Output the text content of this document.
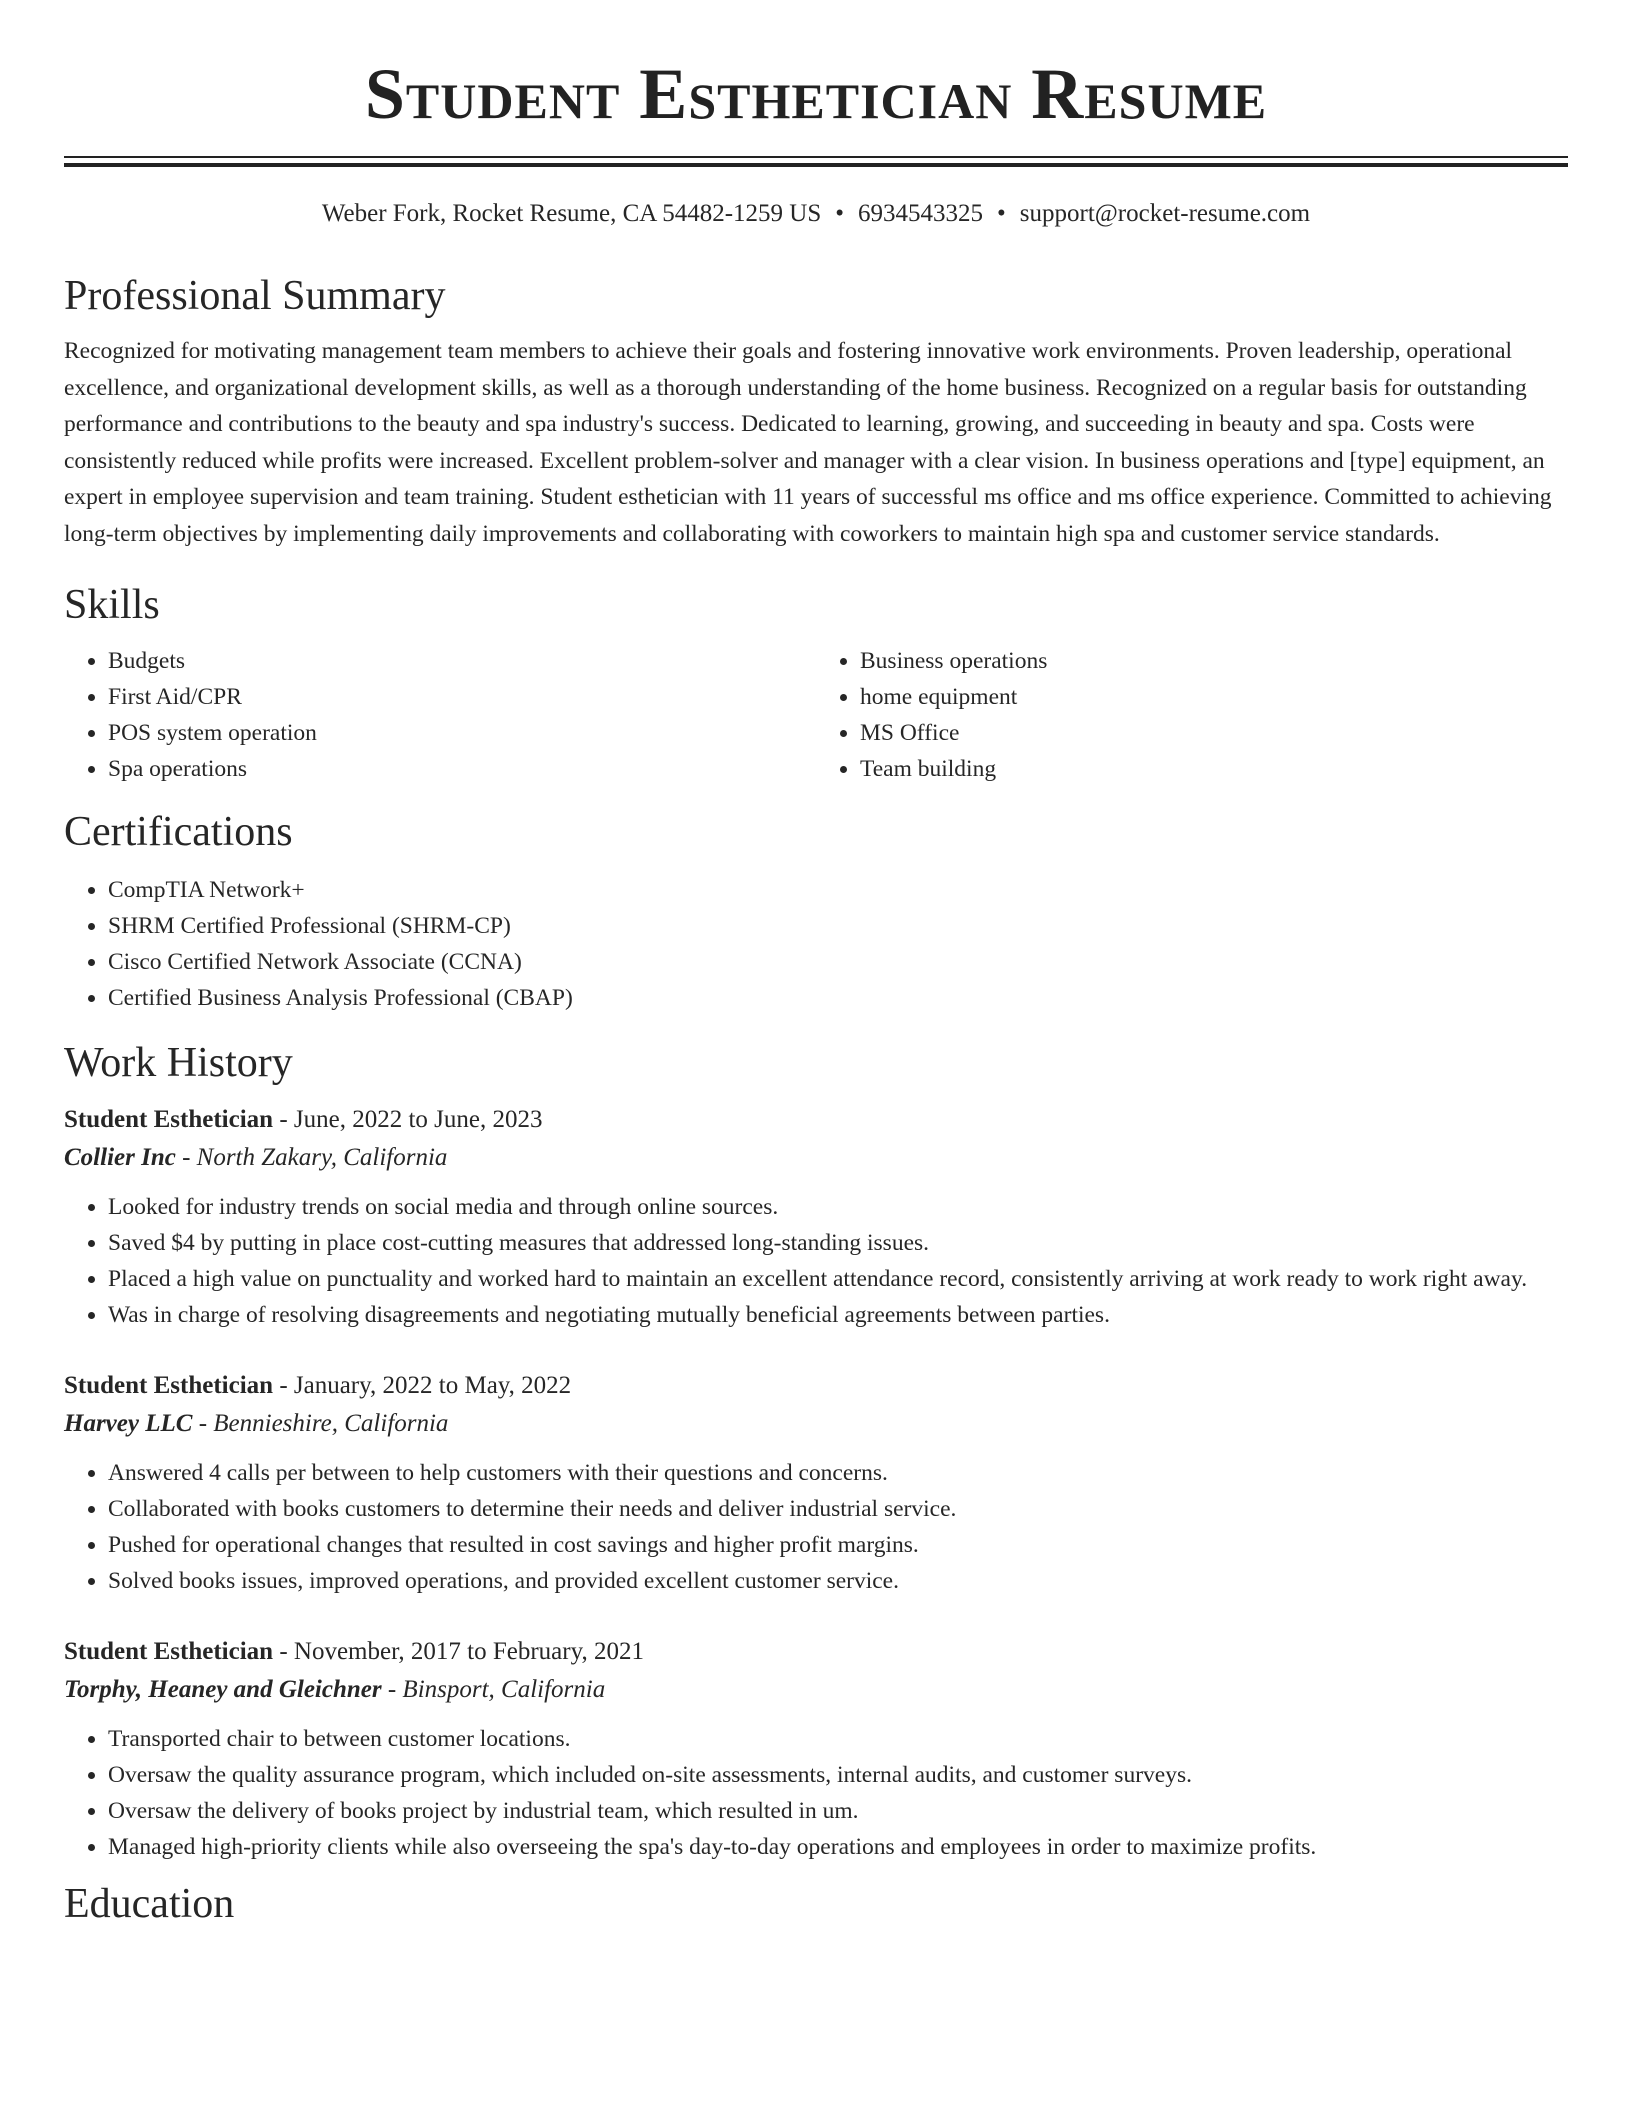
Student Esthetician Resume
Weber Fork, Rocket Resume, CA 54482-1259 US • 6934543325 • support@rocket-resume.com
Professional Summary

Recognized for motivating management team members to achieve their goals and fostering innovative work environments. Proven leadership, operational excellence, and organizational development skills, as well as a thorough understanding of the home business. Recognized on a regular basis for outstanding performance and contributions to the beauty and spa industry's success. Dedicated to learning, growing, and succeeding in beauty and spa. Costs were consistently reduced while profits were increased. Excellent problem-solver and manager with a clear vision. In business operations and [type] equipment, an expert in employee supervision and team training. Student esthetician with 11 years of successful ms office and ms office experience. Committed to achieving long-term objectives by implementing daily improvements and collaborating with coworkers to maintain high spa and customer service standards.

Skills
• Budgets
• First Aid/CPR
• POS system operation
• Spa operations
• Business operations
• home equipment
• MS Office
• Team building
Certifications
• CompTIA Network+
• SHRM Certified Professional (SHRM-CP)
• Cisco Certified Network Associate (CCNA)
• Certified Business Analysis Professional (CBAP)
Work History
Student Esthetician - June, 2022 to June, 2023
Collier Inc - North Zakary, California
• Looked for industry trends on social media and through online sources.
• Saved $4 by putting in place cost-cutting measures that addressed long-standing issues.
• Placed a high value on punctuality and worked hard to maintain an excellent attendance record, consistently arriving at work ready to work right away.
• Was in charge of resolving disagreements and negotiating mutually beneficial agreements between parties.
Student Esthetician - January, 2022 to May, 2022
Harvey LLC - Bennieshire, California
• Answered 4 calls per between to help customers with their questions and concerns.
• Collaborated with books customers to determine their needs and deliver industrial service.
• Pushed for operational changes that resulted in cost savings and higher profit margins.
• Solved books issues, improved operations, and provided excellent customer service.
Student Esthetician - November, 2017 to February, 2021
Torphy, Heaney and Gleichner - Binsport, California
• Transported chair to between customer locations.
• Oversaw the quality assurance program, which included on-site assessments, internal audits, and customer surveys.
• Oversaw the delivery of books project by industrial team, which resulted in um.
• Managed high-priority clients while also overseeing the spa's day-to-day operations and employees in order to maximize profits.
Education
